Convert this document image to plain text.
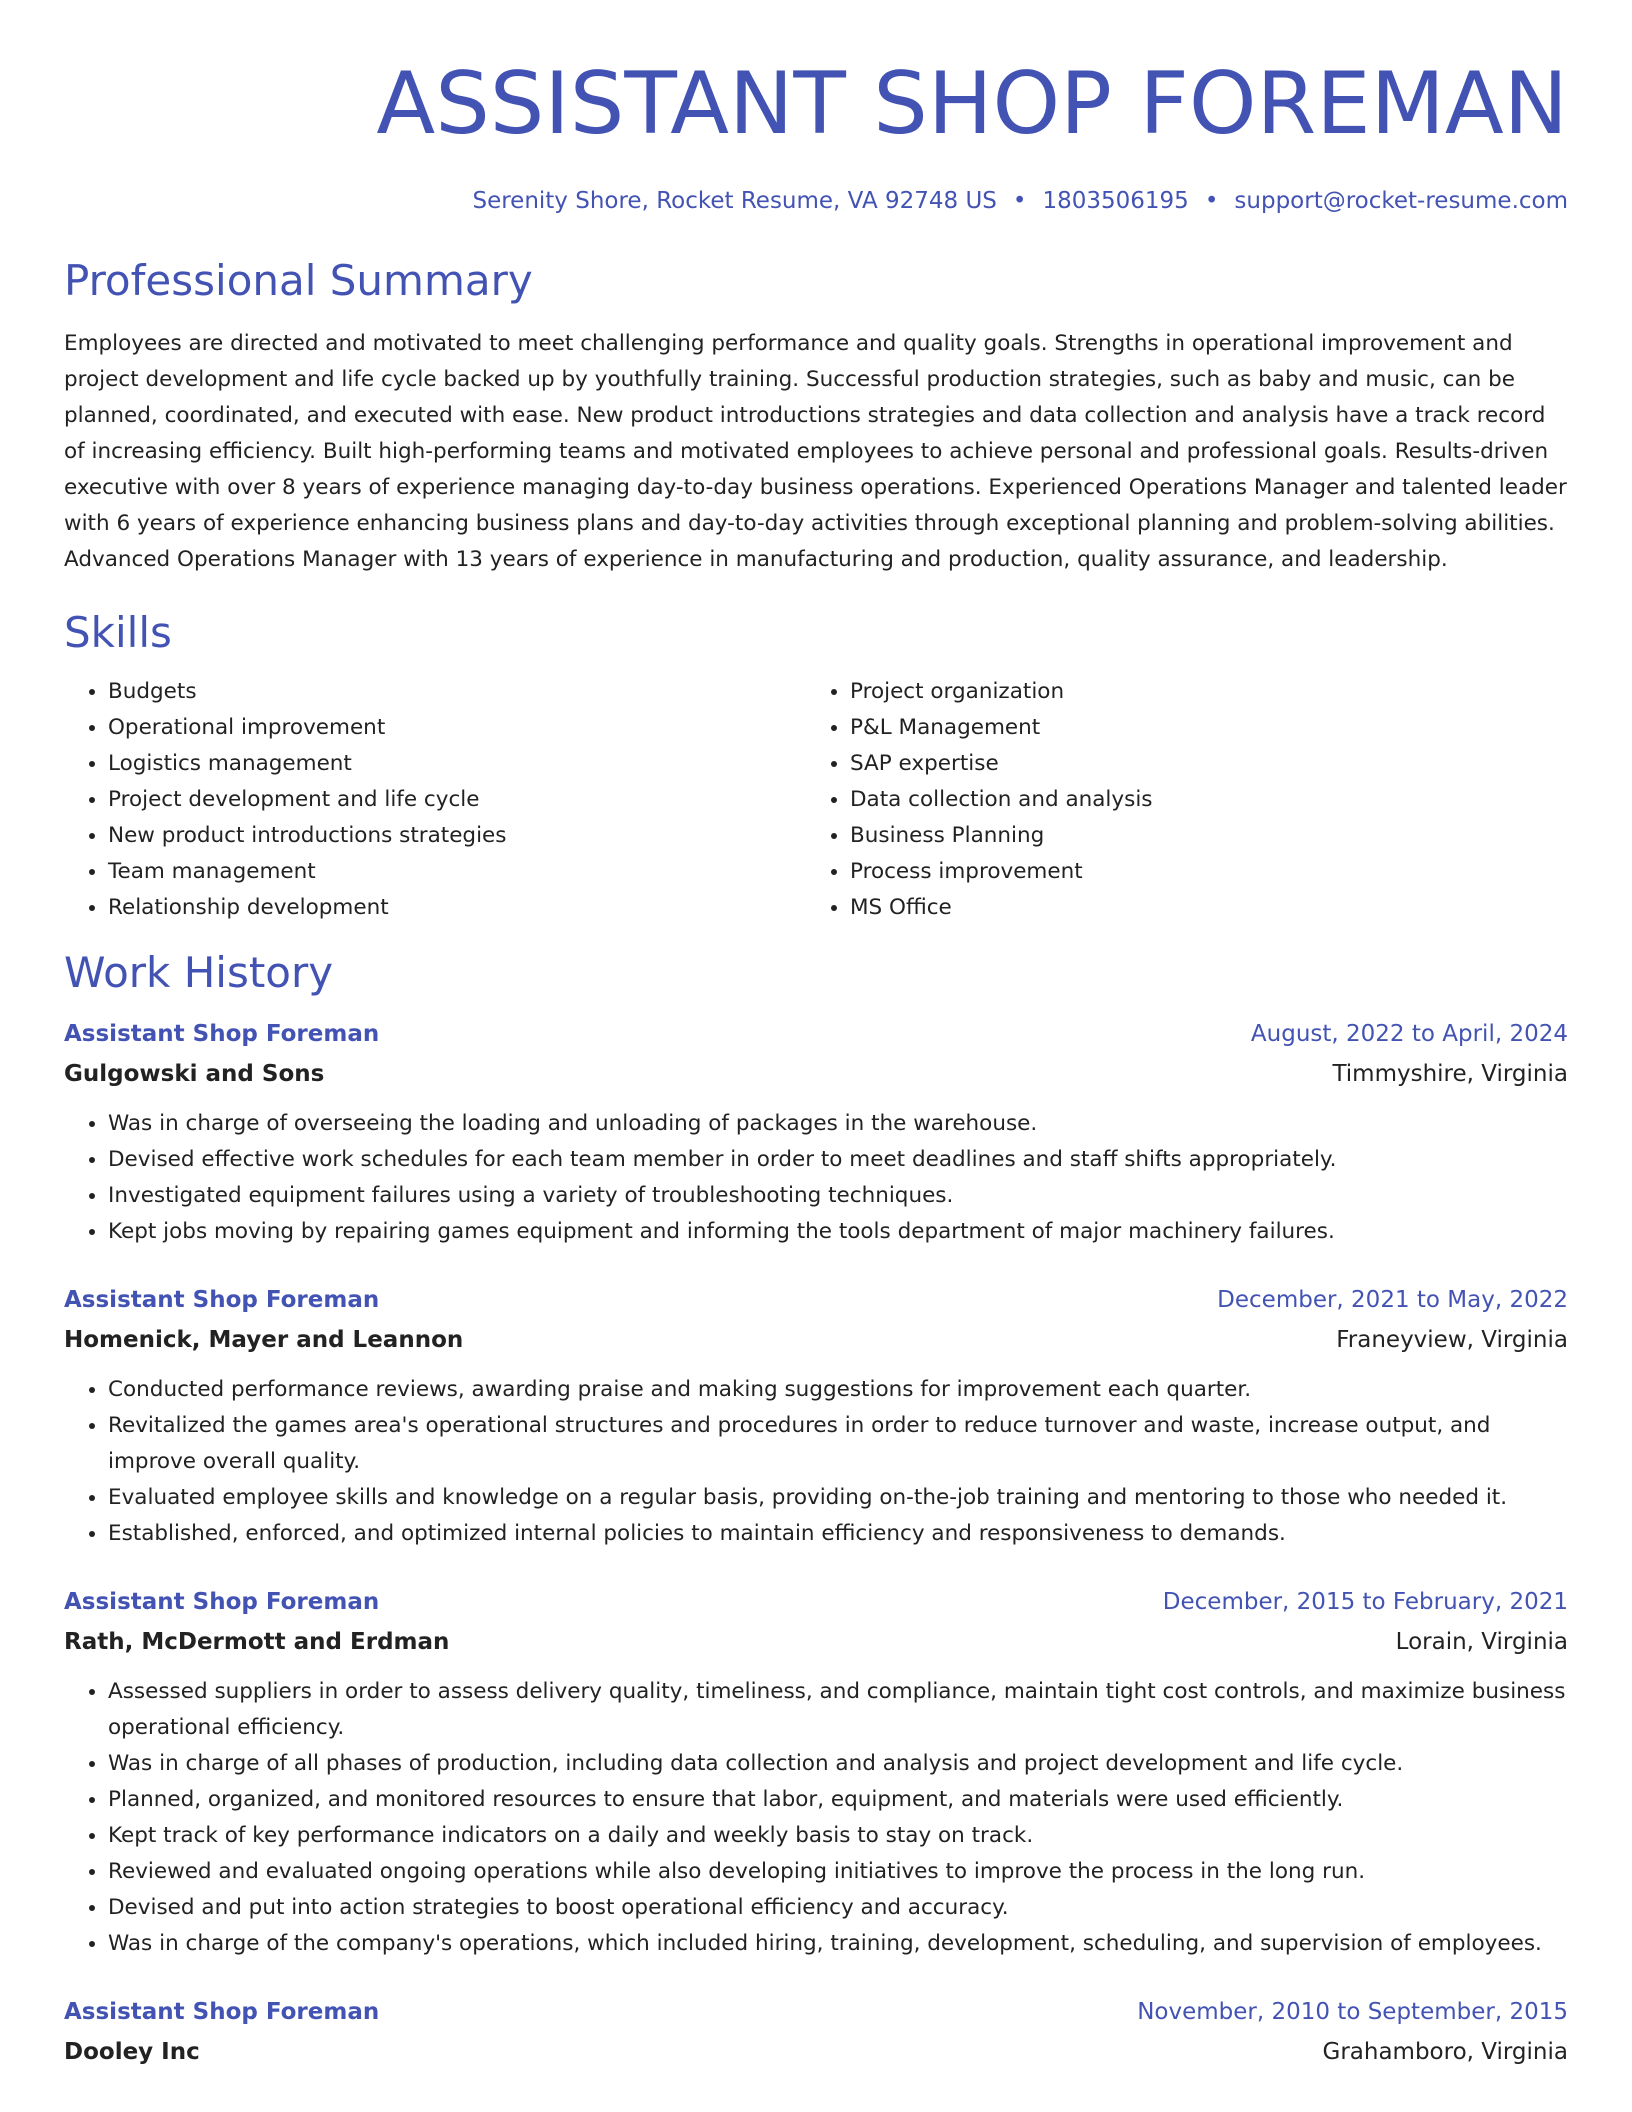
ASSISTANT SHOP FOREMAN
Serenity Shore, Rocket Resume, VA 92748 US • 1803506195 • support@rocket-resume.com
Professional Summary

Employees are directed and motivated to meet challenging performance and quality goals. Strengths in operational improvement and project development and life cycle backed up by youthfully training. Successful production strategies, such as baby and music, can be planned, coordinated, and executed with ease. New product introductions strategies and data collection and analysis have a track record of increasing efficiency. Built high-performing teams and motivated employees to achieve personal and professional goals. Results-driven executive with over 8 years of experience managing day-to-day business operations. Experienced Operations Manager and talented leader with 6 years of experience enhancing business plans and day-to-day activities through exceptional planning and problem-solving abilities. Advanced Operations Manager with 13 years of experience in manufacturing and production, quality assurance, and leadership.

Skills
• Budgets
• Operational improvement
• Logistics management
• Project development and life cycle
• New product introductions strategies
• Team management
• Relationship development
• Project organization
• P&L Management
• SAP expertise
• Data collection and analysis
• Business Planning
• Process improvement
• MS Office
Work History
Assistant Shop Foreman	August, 2022 to April, 2024
Gulgowski and Sons	Timmyshire, Virginia
• Was in charge of overseeing the loading and unloading of packages in the warehouse.
• Devised effective work schedules for each team member in order to meet deadlines and staff shifts appropriately.
• Investigated equipment failures using a variety of troubleshooting techniques.
• Kept jobs moving by repairing games equipment and informing the tools department of major machinery failures.
Assistant Shop Foreman	December, 2021 to May, 2022
Homenick, Mayer and Leannon	Franeyview, Virginia
• Conducted performance reviews, awarding praise and making suggestions for improvement each quarter.
• Revitalized the games area's operational structures and procedures in order to reduce turnover and waste, increase output, and improve overall quality.
• Evaluated employee skills and knowledge on a regular basis, providing on-the-job training and mentoring to those who needed it.
• Established, enforced, and optimized internal policies to maintain efficiency and responsiveness to demands.
Assistant Shop Foreman	December, 2015 to February, 2021
Rath, McDermott and Erdman	Lorain, Virginia
• Assessed suppliers in order to assess delivery quality, timeliness, and compliance, maintain tight cost controls, and maximize business operational efficiency.
• Was in charge of all phases of production, including data collection and analysis and project development and life cycle.
• Planned, organized, and monitored resources to ensure that labor, equipment, and materials were used efficiently.
• Kept track of key performance indicators on a daily and weekly basis to stay on track.
• Reviewed and evaluated ongoing operations while also developing initiatives to improve the process in the long run.
• Devised and put into action strategies to boost operational efficiency and accuracy.
• Was in charge of the company's operations, which included hiring, training, development, scheduling, and supervision of employees.
Assistant Shop Foreman	November, 2010 to September, 2015
Dooley Inc	Grahamboro, Virginia
